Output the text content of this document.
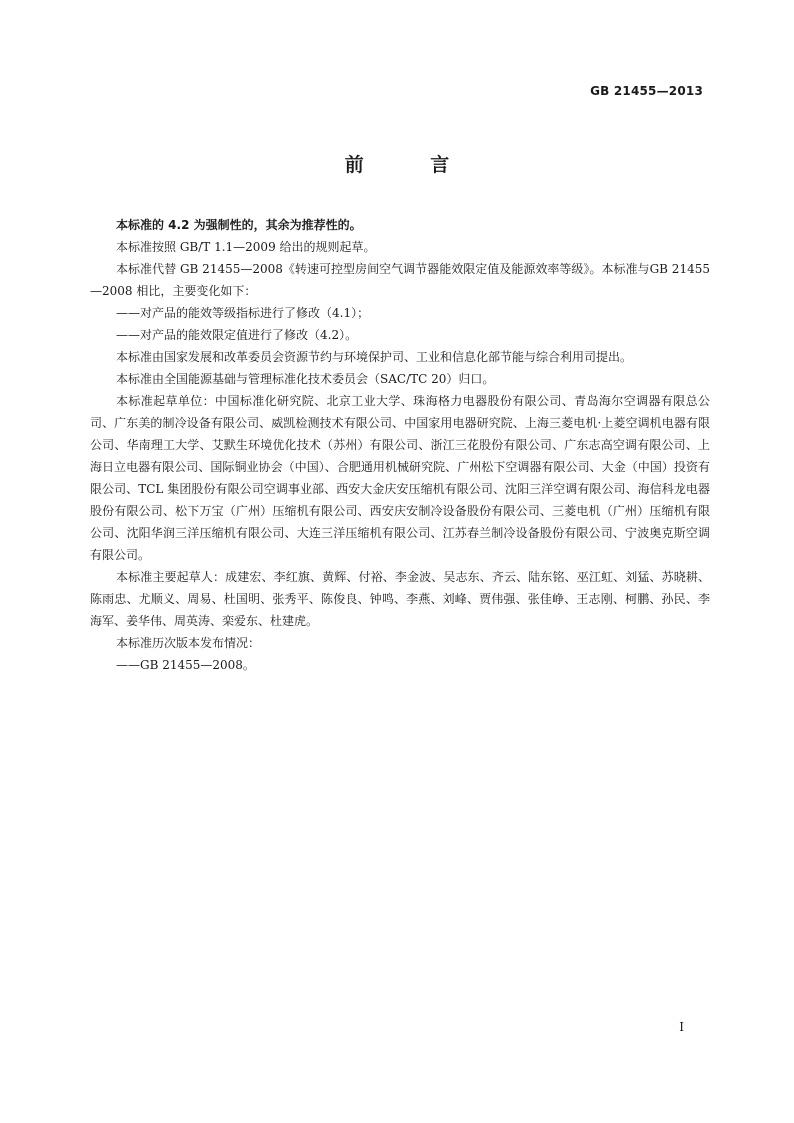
GB 21455—2013
前 言

本标准的 4.2 为强制性的，其余为推荐性的。

本标准按照 GB/T 1.1—2009 给出的规则起草。

本标准代替 GB 21455—2008《转速可控型房间空气调节器能效限定值及能源效率等级》。本标准与GB 21455—2008 相比，主要变化如下：

——对产品的能效等级指标进行了修改（4.1）；

——对产品的能效限定值进行了修改（4.2）。

本标准由国家发展和改革委员会资源节约与环境保护司、工业和信息化部节能与综合利用司提出。

本标准由全国能源基础与管理标准化技术委员会（SAC/TC 20）归口。

本标准起草单位：中国标准化研究院、北京工业大学、珠海格力电器股份有限公司、青岛海尔空调器有限总公司、广东美的制冷设备有限公司、威凯检测技术有限公司、中国家用电器研究院、上海三菱电机·上菱空调机电器有限公司、华南理工大学、艾默生环境优化技术（苏州）有限公司、浙江三花股份有限公司、广东志高空调有限公司、上海日立电器有限公司、国际铜业协会（中国）、合肥通用机械研究院、广州松下空调器有限公司、大金（中国）投资有限公司、TCL 集团股份有限公司空调事业部、西安大金庆安压缩机有限公司、沈阳三洋空调有限公司、海信科龙电器股份有限公司、松下万宝（广州）压缩机有限公司、西安庆安制冷设备股份有限公司、三菱电机（广州）压缩机有限公司、沈阳华润三洋压缩机有限公司、大连三洋压缩机有限公司、江苏春兰制冷设备股份有限公司、宁波奥克斯空调有限公司。

本标准主要起草人：成建宏、李红旗、黄辉、付裕、李金波、吴志东、齐云、陆东铭、巫江虹、刘猛、苏晓耕、陈雨忠、尤顺义、周易、杜国明、张秀平、陈俊良、钟鸣、李燕、刘峰、贾伟强、张佳峥、王志刚、柯鹏、孙民、李海军、姜华伟、周英涛、栾爱东、杜建虎。

本标准历次版本发布情况：

——GB 21455—2008。

I
